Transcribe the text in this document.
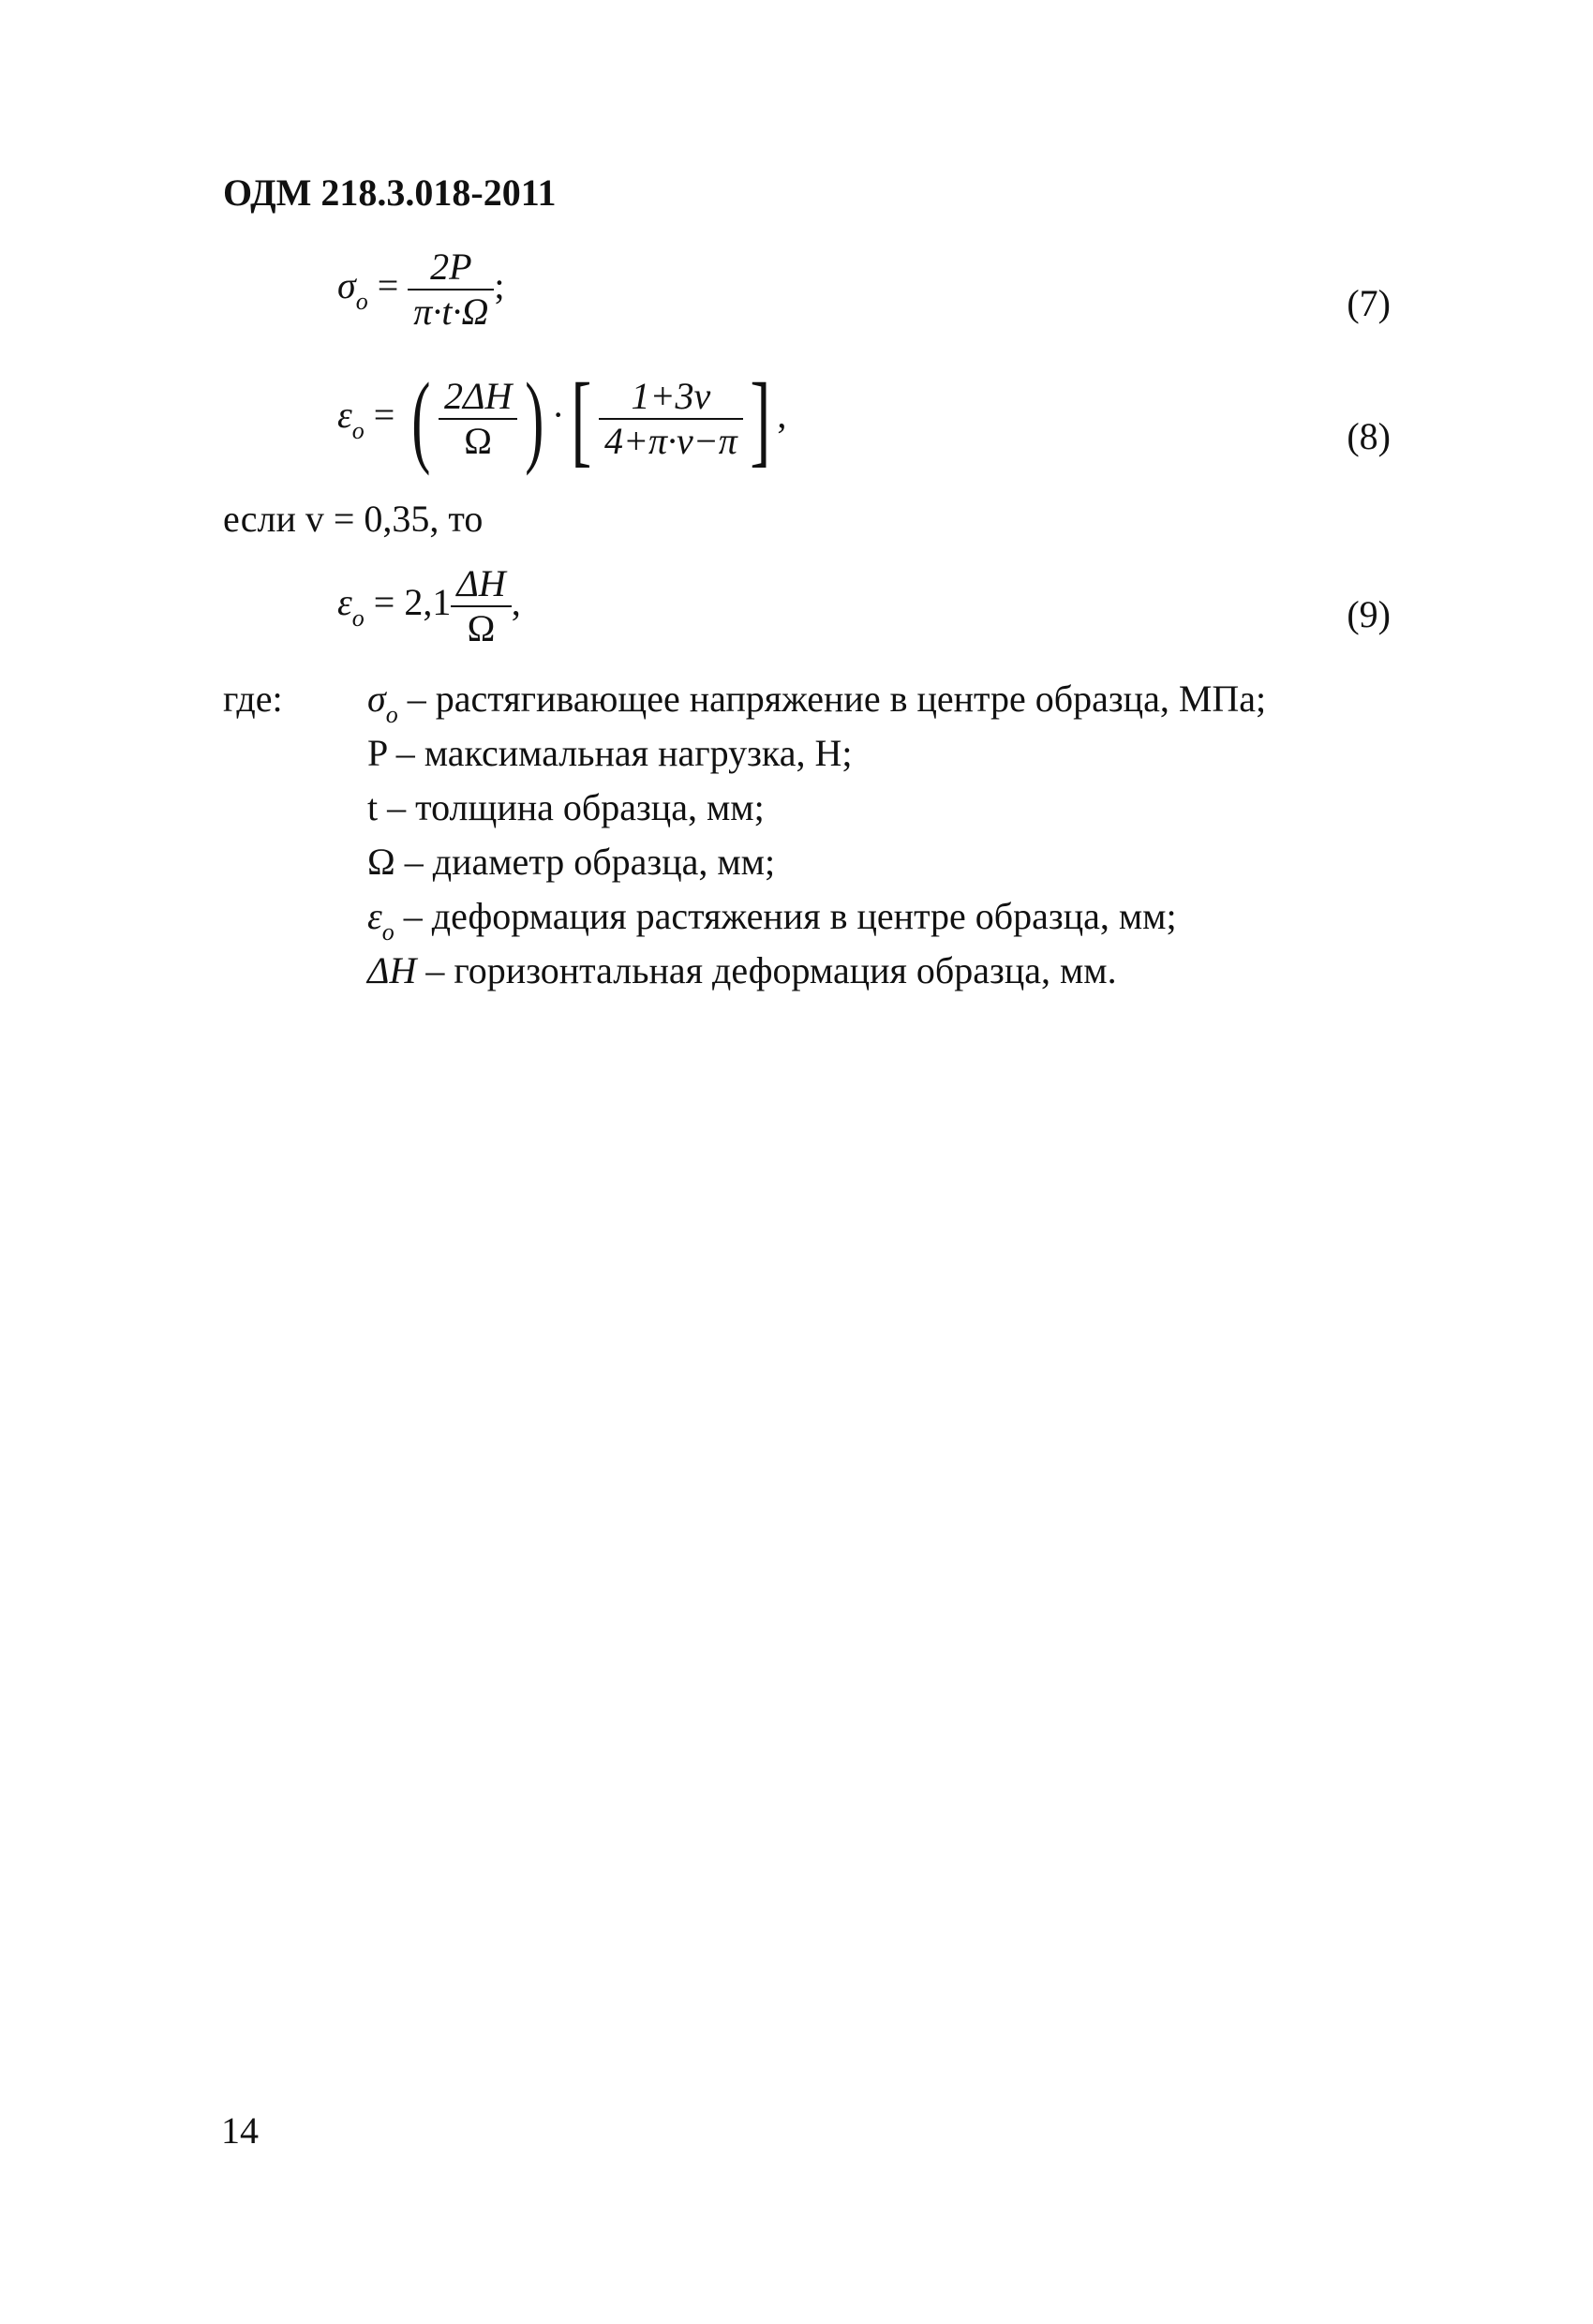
ОДМ 218.3.018-2011
$\sigma_o = \frac{2P}{\pi\cdot t\cdot\Omega}$ ;	(7)
$\varepsilon_o$ = ( $\frac{2\Delta H}{\Omega}$ ) ·[ $\frac{1+3\nu}{4+\pi\cdot\nu-\pi}$ ] ,
(8)
если v = 0,35, то
$\varepsilon_o = 2,1 \frac{\Delta H}{\Omega}$ ,	(9)
где: $\sigma_o$ – растягивающее напряжение в центре образца, МПа;
P – максимальная нагрузка, Н;
t – толщина образца, мм;
Ω – диаметр образца, мм;
$\varepsilon_o$ – деформация растяжения в центре образца, мм;
ΔH – горизонтальная деформация образца, мм.
14
